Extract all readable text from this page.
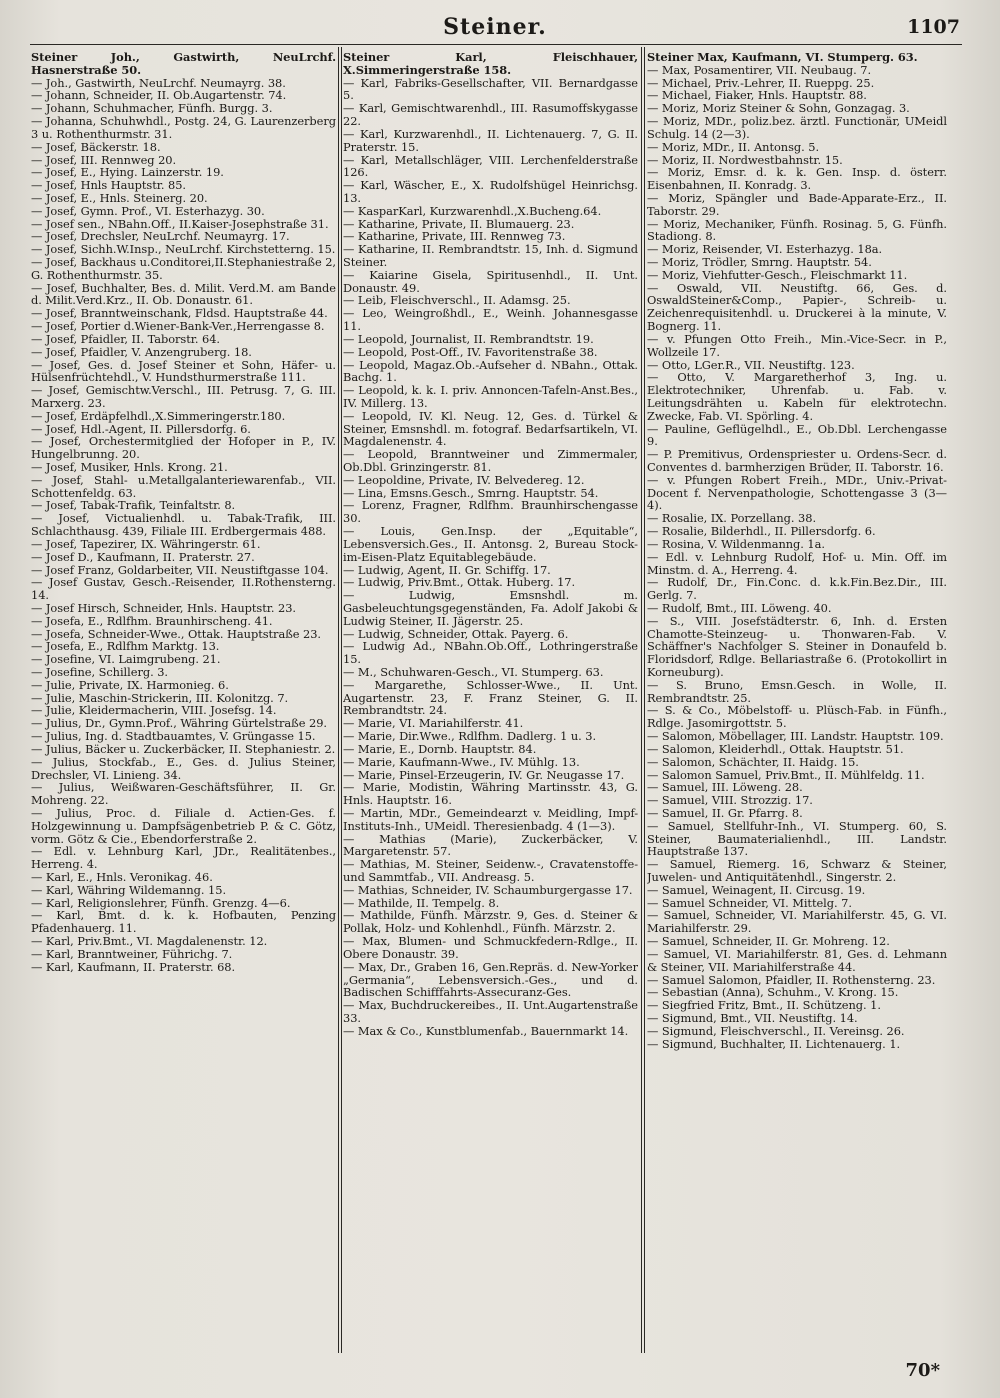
Steiner.	1107

Steiner Joh., Gastwirth, NeuLrchf. Hasnerstraße 50.

— Joh., Gastwirth, NeuLrchf. Neumayrg. 38.

— Johann, Schneider, II. Ob.Augartenstr. 74.

— Johann, Schuhmacher, Fünfh. Burgg. 3.

— Johanna, Schuhwhdl., Postg. 24, G. Laurenzerberg 3 u. Rothenthurmstr. 31.

— Josef, Bäckerstr. 18.

— Josef, III. Rennweg 20.

— Josef, E., Hying. Lainzerstr. 19.

— Josef, Hnls Hauptstr. 85.

— Josef, E., Hnls. Steinerg. 20.

— Josef, Gymn. Prof., VI. Esterhazyg. 30.

— Josef sen., NBahn.Off., II.Kaiser-Josephstraße 31.

— Josef, Drechsler, NeuLrchf. Neumayrg. 17.

— Josef, Sichh.W.Insp., NeuLrchf. Kirchstetterng. 15.

— Josef, Backhaus u.Conditorei,II.Stephaniestraße 2, G. Rothenthurmstr. 35.

— Josef, Buchhalter, Bes. d. Milit. Verd.M. am Bande d. Milit.Verd.Krz., II. Ob. Donaustr. 61.

— Josef, Branntweinschank, Fldsd. Hauptstraße 44.

— Josef, Portier d.Wiener-Bank-Ver.,Herrengasse 8.

— Josef, Pfaidler, II. Taborstr. 64.

— Josef, Pfaidler, V. Anzengruberg. 18.

— Josef, Ges. d. Josef Steiner et Sohn, Häfer- u. Hülsenfrüchtehdl., V. Hundsthurmerstraße 111.

— Josef, Gemischtw.Verschl., III. Petrusg. 7, G. III. Marxerg. 23.

— Josef, Erdäpfelhdl.,X.Simmeringerstr.180.

— Josef, Hdl.-Agent, II. Pillersdorfg. 6.

— Josef, Orchestermitglied der Hofoper in P., IV. Hungelbrunng. 20.

— Josef, Musiker, Hnls. Krong. 21.

— Josef, Stahl- u.Metallgalanteriewarenfab., VII. Schottenfeldg. 63.

— Josef, Tabak-Trafik, Teinfaltstr. 8.

— Josef, Victualienhdl. u. Tabak-Trafik, III. Schlachthausg. 439, Filiale III. Erdbergermais 488.

— Josef, Tapezirer, IX. Währingerstr. 61.

— Josef D., Kaufmann, II. Praterstr. 27.

— Josef Franz, Goldarbeiter, VII. Neustiftgasse 104.

— Josef Gustav, Gesch.-Reisender, II.Rothensterng. 14.

— Josef Hirsch, Schneider, Hnls. Hauptstr. 23.

— Josefa, E., Rdlfhm. Braunhirscheng. 41.

— Josefa, Schneider-Wwe., Ottak. Hauptstraße 23.

— Josefa, E., Rdlfhm Marktg. 13.

— Josefine, VI. Laimgrubeng. 21.

— Josefine, Schillerg. 3.

— Julie, Private, IX. Harmonieg. 6.

— Julie, Maschin-Strickerin, III. Kolonitzg. 7.

— Julie, Kleidermacherin, VIII. Josefsg. 14.

— Julius, Dr., Gymn.Prof., Währing Gürtelstraße 29.

— Julius, Ing. d. Stadtbauamtes, V. Grüngasse 15.

— Julius, Bäcker u. Zuckerbäcker, II. Stephaniestr. 2.

— Julius, Stockfab., E., Ges. d. Julius Steiner, Drechsler, VI. Linieng. 34.

— Julius, Weißwaren-Geschäftsführer, II. Gr. Mohreng. 22.

— Julius, Proc. d. Filiale d. Actien-Ges. f. Holzgewinnung u. Dampfsägenbetrieb P. & C. Götz, vorm. Götz & Cie., Ebendorferstraße 2.

— Edl. v. Lehnburg Karl, JDr., Realitätenbes., Herreng. 4.

— Karl, E., Hnls. Veronikag. 46.

— Karl, Währing Wildemanng. 15.

— Karl, Religionslehrer, Fünfh. Grenzg. 4—6.

— Karl, Bmt. d. k. k. Hofbauten, Penzing Pfadenhauerg. 11.

— Karl, Priv.Bmt., VI. Magdalenenstr. 12.

— Karl, Branntweiner, Führichg. 7.

— Karl, Kaufmann, II. Praterstr. 68.

Steiner Karl, Fleischhauer, X.Simmeringerstraße 158.

— Karl, Fabriks-Gesellschafter, VII. Bernardgasse 5.

— Karl, Gemischtwarenhdl., III. Rasumoffskygasse 22.

— Karl, Kurzwarenhdl., II. Lichtenauerg. 7, G. II. Praterstr. 15.

— Karl, Metallschläger, VIII. Lerchenfelderstraße 126.

— Karl, Wäscher, E., X. Rudolfshügel Heinrichsg. 13.

— KasparKarl, Kurzwarenhdl.,X.Bucheng.64.

— Katharine, Private, II. Blumauerg. 23.

— Katharine, Private, III. Rennweg 73.

— Katharine, II. Rembrandtstr. 15, Inh. d. Sigmund Steiner.

— Kaiarine Gisela, Spiritusenhdl., II. Unt. Donaustr. 49.

— Leib, Fleischverschl., II. Adamsg. 25.

— Leo, Weingroßhdl., E., Weinh. Johannesgasse 11.

— Leopold, Journalist, II. Rembrandtstr. 19.

— Leopold, Post-Off., IV. Favoritenstraße 38.

— Leopold, Magaz.Ob.-Aufseher d. NBahn., Ottak. Bachg. 1.

— Leopold, k. k. I. priv. Annoncen-Tafeln-Anst.Bes., IV. Millerg. 13.

— Leopold, IV. Kl. Neug. 12, Ges. d. Türkel & Steiner, Emsnshdl. m. fotograf. Bedarfsartikeln, VI. Magdalenenstr. 4.

— Leopold, Branntweiner und Zimmermaler, Ob.Dbl. Grinzingerstr. 81.

— Leopoldine, Private, IV. Belvedereg. 12.

— Lina, Emsns.Gesch., Smrng. Hauptstr. 54.

— Lorenz, Fragner, Rdlfhm. Braunhirschengasse 30.

— Louis, Gen.Insp. der „Equitable“, Lebensversich.Ges., II. Antonsg. 2, Bureau Stock-im-Eisen-Platz Equitablegebäude.

— Ludwig, Agent, II. Gr. Schiffg. 17.

— Ludwig, Priv.Bmt., Ottak. Huberg. 17.

— Ludwig, Emsnshdl. m. Gasbeleuchtungsgegenständen, Fa. Adolf Jakobi & Ludwig Steiner, II. Jägerstr. 25.

— Ludwig, Schneider, Ottak. Payerg. 6.

— Ludwig Ad., NBahn.Ob.Off., Lothringerstraße 15.

— M., Schuhwaren-Gesch., VI. Stumperg. 63.

— Margarethe, Schlosser-Wwe., II. Unt. Augartenstr. 23, F. Franz Steiner, G. II. Rembrandtstr. 24.

— Marie, VI. Mariahilferstr. 41.

— Marie, Dir.Wwe., Rdlfhm. Dadlerg. 1 u. 3.

— Marie, E., Dornb. Hauptstr. 84.

— Marie, Kaufmann-Wwe., IV. Mühlg. 13.

— Marie, Pinsel-Erzeugerin, IV. Gr. Neugasse 17.

— Marie, Modistin, Währing Martinsstr. 43, G. Hnls. Hauptstr. 16.

— Martin, MDr., Gemeindearzt v. Meidling, Impf-Instituts-Inh., UMeidl. Theresienbadg. 4 (1—3).

— Mathias (Marie), Zuckerbäcker, V. Margaretenstr. 57.

— Mathias, M. Steiner, Seidenw.-, Cravatenstoffe- und Sammtfab., VII. Andreasg. 5.

— Mathias, Schneider, IV. Schaumburgergasse 17.

— Mathilde, II. Tempelg. 8.

— Mathilde, Fünfh. Märzstr. 9, Ges. d. Steiner & Pollak, Holz- und Kohlenhdl., Fünfh. Märzstr. 2.

— Max, Blumen- und Schmuckfedern-Rdlge., II. Obere Donaustr. 39.

— Max, Dr., Graben 16, Gen.Repräs. d. New-Yorker „Germania“, Lebensversich.-Ges., und d. Badischen Schifffahrts-Assecuranz-Ges.

— Max, Buchdruckereibes., II. Unt.Augartenstraße 33.

— Max & Co., Kunstblumenfab., Bauernmarkt 14.

Steiner Max, Kaufmann, VI. Stumperg. 63.

— Max, Posamentirer, VII. Neubaug. 7.

— Michael, Priv.-Lehrer, II. Rueppg. 25.

— Michael, Fiaker, Hnls. Hauptstr. 88.

— Moriz, Moriz Steiner & Sohn, Gonzagag. 3.

— Moriz, MDr., poliz.bez. ärztl. Functionär, UMeidl Schulg. 14 (2—3).

— Moriz, MDr., II. Antonsg. 5.

— Moriz, II. Nordwestbahnstr. 15.

— Moriz, Emsr. d. k. k. Gen. Insp. d. österr. Eisenbahnen, II. Konradg. 3.

— Moriz, Spängler und Bade-Apparate-Erz., II. Taborstr. 29.

— Moriz, Mechaniker, Fünfh. Rosinag. 5, G. Fünfh. Stadiong. 8.

— Moriz, Reisender, VI. Esterhazyg. 18a.

— Moriz, Trödler, Smrng. Hauptstr. 54.

— Moriz, Viehfutter-Gesch., Fleischmarkt 11.

— Oswald, VII. Neustiftg. 66, Ges. d. OswaldSteiner&Comp., Papier-, Schreib- u. Zeichenrequisitenhdl. u. Druckerei à la minute, V. Bognerg. 11.

— v. Pfungen Otto Freih., Min.-Vice-Secr. in P., Wollzeile 17.

— Otto, LGer.R., VII. Neustiftg. 123.

— Otto, V. Margaretherhof 3, Ing. u. Elektrotechniker, Uhrenfab. u. Fab. v. Leitungsdrähten u. Kabeln für elektrotechn. Zwecke, Fab. VI. Spörling. 4.

— Pauline, Geflügelhdl., E., Ob.Dbl. Lerchengasse 9.

— P. Premitivus, Ordenspriester u. Ordens-Secr. d. Conventes d. barmherzigen Brüder, II. Taborstr. 16.

— v. Pfungen Robert Freih., MDr., Univ.-Privat-Docent f. Nervenpathologie, Schottengasse 3 (3—4).

— Rosalie, IX. Porzellang. 38.

— Rosalie, Bilderhdl., II. Pillersdorfg. 6.

— Rosina, V. Wildenmanng. 1a.

— Edl. v. Lehnburg Rudolf, Hof- u. Min. Off. im Minstm. d. A., Herreng. 4.

— Rudolf, Dr., Fin.Conc. d. k.k.Fin.Bez.Dir., III. Gerlg. 7.

— Rudolf, Bmt., III. Löweng. 40.

— S., VIII. Josefstädterstr. 6, Inh. d. Ersten Chamotte-Steinzeug- u. Thonwaren-Fab. V. Schäffner's Nachfolger S. Steiner in Donaufeld b. Floridsdorf, Rdlge. Bellariastraße 6. (Protokollirt in Korneuburg).

— S. Bruno, Emsn.Gesch. in Wolle, II. Rembrandtstr. 25.

— S. & Co., Möbelstoff- u. Plüsch-Fab. in Fünfh., Rdlge. Jasomirgottstr. 5.

— Salomon, Möbellager, III. Landstr. Hauptstr. 109.

— Salomon, Kleiderhdl., Ottak. Hauptstr. 51.

— Salomon, Schächter, II. Haidg. 15.

— Salomon Samuel, Priv.Bmt., II. Mühlfeldg. 11.

— Samuel, III. Löweng. 28.

— Samuel, VIII. Strozzig. 17.

— Samuel, II. Gr. Pfarrg. 8.

— Samuel, Stellfuhr-Inh., VI. Stumperg. 60, S. Steiner, Baumaterialienhdl., III. Landstr. Hauptstraße 137.

— Samuel, Riemerg. 16, Schwarz & Steiner, Juwelen- und Antiquitätenhdl., Singerstr. 2.

— Samuel, Weinagent, II. Circusg. 19.

— Samuel Schneider, VI. Mittelg. 7.

— Samuel, Schneider, VI. Mariahilferstr. 45, G. VI. Mariahilferstr. 29.

— Samuel, Schneider, II. Gr. Mohreng. 12.

— Samuel, VI. Mariahilferstr. 81, Ges. d. Lehmann & Steiner, VII. Mariahilferstraße 44.

— Samuel Salomon, Pfaidler, II. Rothensterng. 23.

— Sebastian (Anna), Schuhm., V. Krong. 15.

— Siegfried Fritz, Bmt., II. Schützeng. 1.

— Sigmund, Bmt., VII. Neustiftg. 14.

— Sigmund, Fleischverschl., II. Vereinsg. 26.

— Sigmund, Buchhalter, II. Lichtenauerg. 1.

70*
